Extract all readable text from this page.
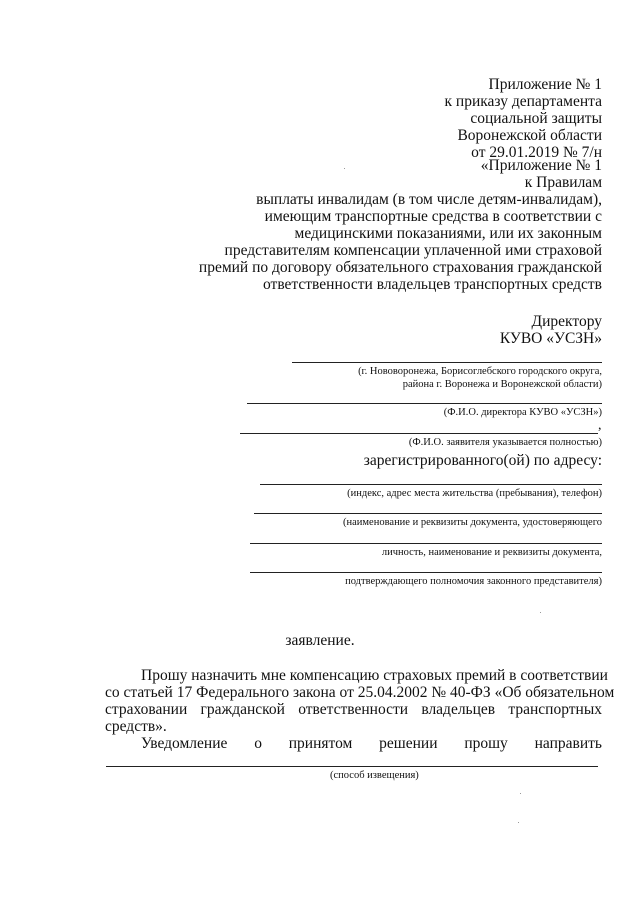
Приложение № 1
к приказу департамента
социальной защиты
Воронежской области
от 29.01.2019 № 7/н
«Приложение № 1
к Правилам
выплаты инвалидам (в том числе детям-инвалидам),
имеющим транспортные средства в соответствии с
медицинскими показаниями, или их законным
представителям компенсации уплаченной ими страховой
премий по договору обязательного страхования гражданской
ответственности владельцев транспортных средств
Директору
КУВО «УСЗН»
(г. Нововоронежа, Борисоглебского городского округа,
района г. Воронежа и Воронежской области)
(Ф.И.О. директора КУВО «УСЗН»)
,
(Ф.И.О. заявителя указывается полностью)
зарегистрированного(ой) по адресу:
(индекс, адрес места жительства (пребывания), телефон)
(наименование и реквизиты документа, удостоверяющего
личность, наименование и реквизиты документа,
подтверждающего полномочия законного представителя)
заявление.
Прошу назначить мне компенсацию страховых премий в соответствии
со статьей 17 Федерального закона от 25.04.2002 № 40-ФЗ «Об обязательном
страховании гражданской ответственности владельцев транспортных
средств».
Уведомление о принятом решении прошу направить
(способ извещения)
